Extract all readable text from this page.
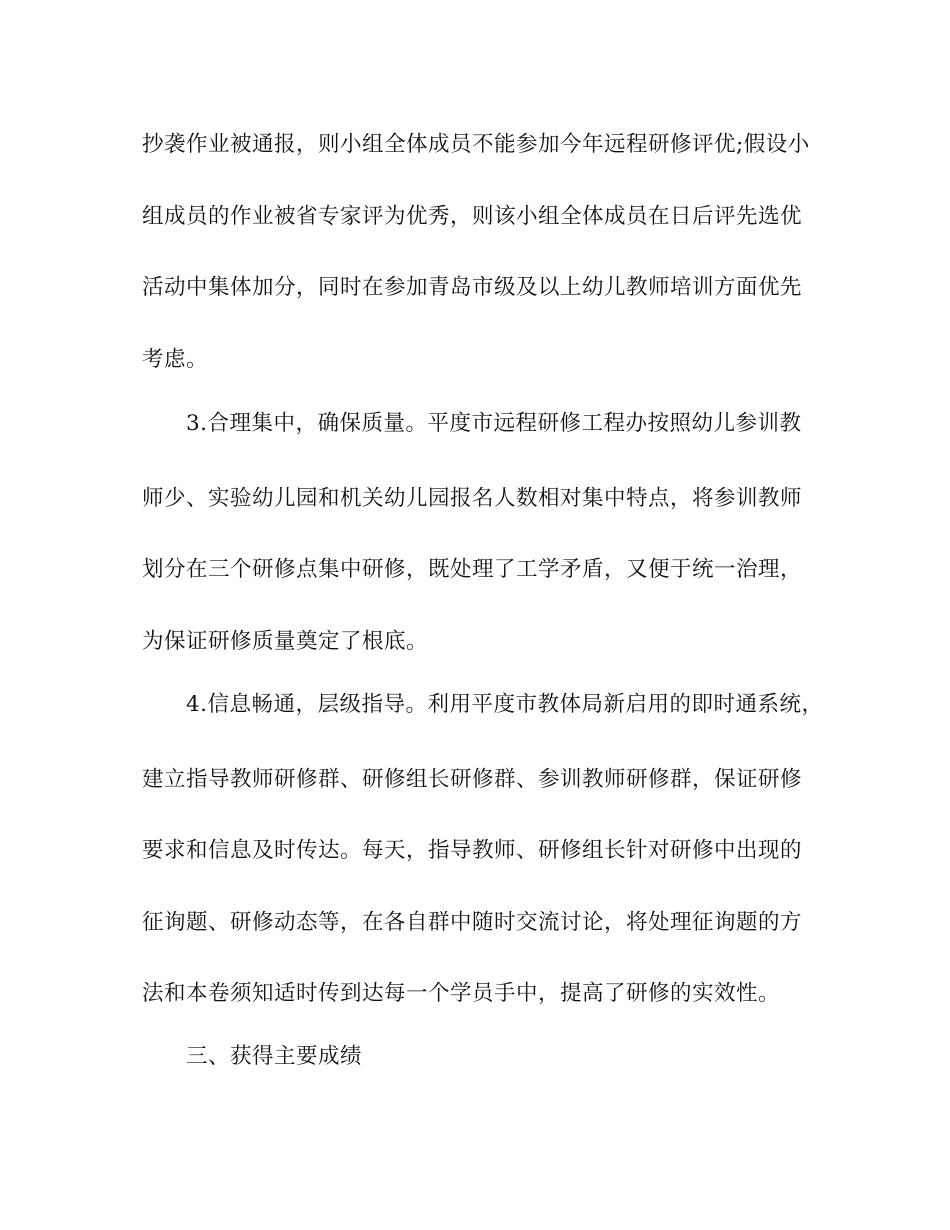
抄袭作业被通报，则小组全体成员不能参加今年远程研修评优;假设小
组成员的作业被省专家评为优秀，则该小组全体成员在日后评先选优
活动中集体加分，同时在参加青岛市级及以上幼儿教师培训方面优先
考虑。
3.合理集中，确保质量。平度市远程研修工程办按照幼儿参训教
师少、实验幼儿园和机关幼儿园报名人数相对集中特点，将参训教师
划分在三个研修点集中研修，既处理了工学矛盾，又便于统一治理，
为保证研修质量奠定了根底。
4.信息畅通，层级指导。利用平度市教体局新启用的即时通系统，
建立指导教师研修群、研修组长研修群、参训教师研修群，保证研修
要求和信息及时传达。每天，指导教师、研修组长针对研修中出现的
征询题、研修动态等，在各自群中随时交流讨论，将处理征询题的方
法和本卷须知适时传到达每一个学员手中，提高了研修的实效性。
三、获得主要成绩
